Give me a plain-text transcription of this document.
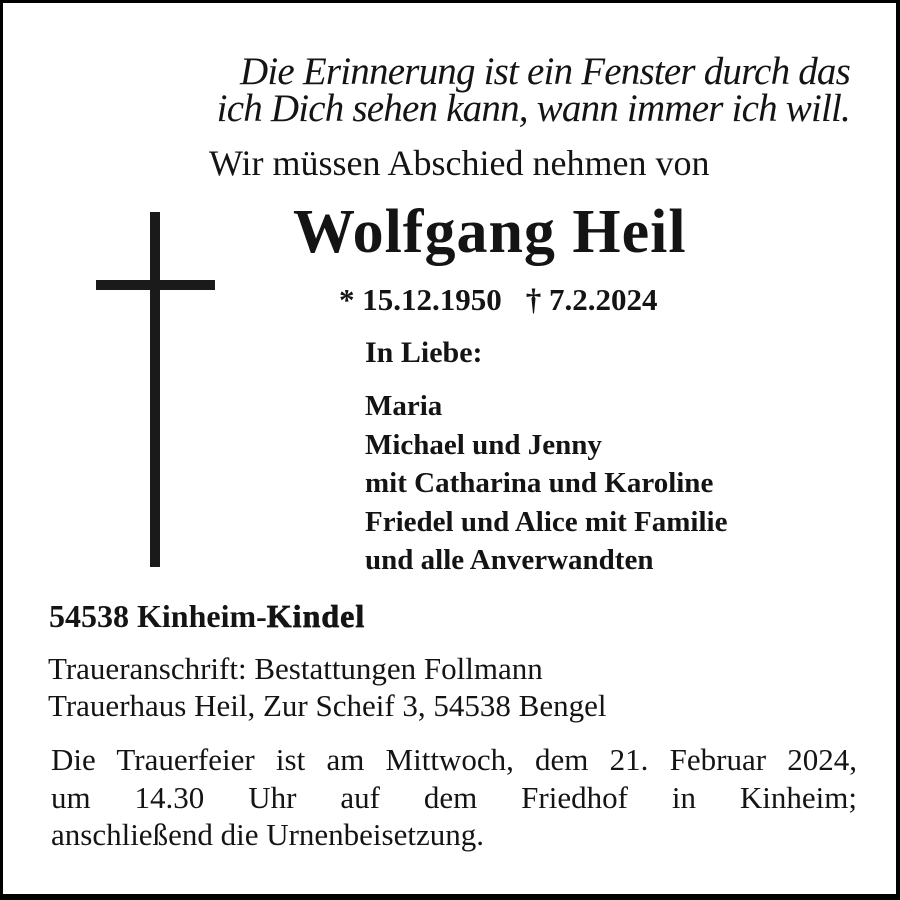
Die Erinnerung ist ein Fenster durch das
ich Dich sehen kann, wann immer ich will.
Wir müssen Abschied nehmen von
Wolfgang Heil
* 15.12.1950 † 7.2.2024
In Liebe:
Maria
Michael und Jenny
mit Catharina und Karoline
Friedel und Alice mit Familie
und alle Anverwandten
54538 Kinheim-Kindel
Traueranschrift: Bestattungen Follmann
Trauerhaus Heil, Zur Scheif 3, 54538 Bengel
Die Trauerfeier ist am Mittwoch, dem 21. Februar 2024,
um 14.30 Uhr auf dem Friedhof in Kinheim;
anschließend die Urnenbeisetzung.
